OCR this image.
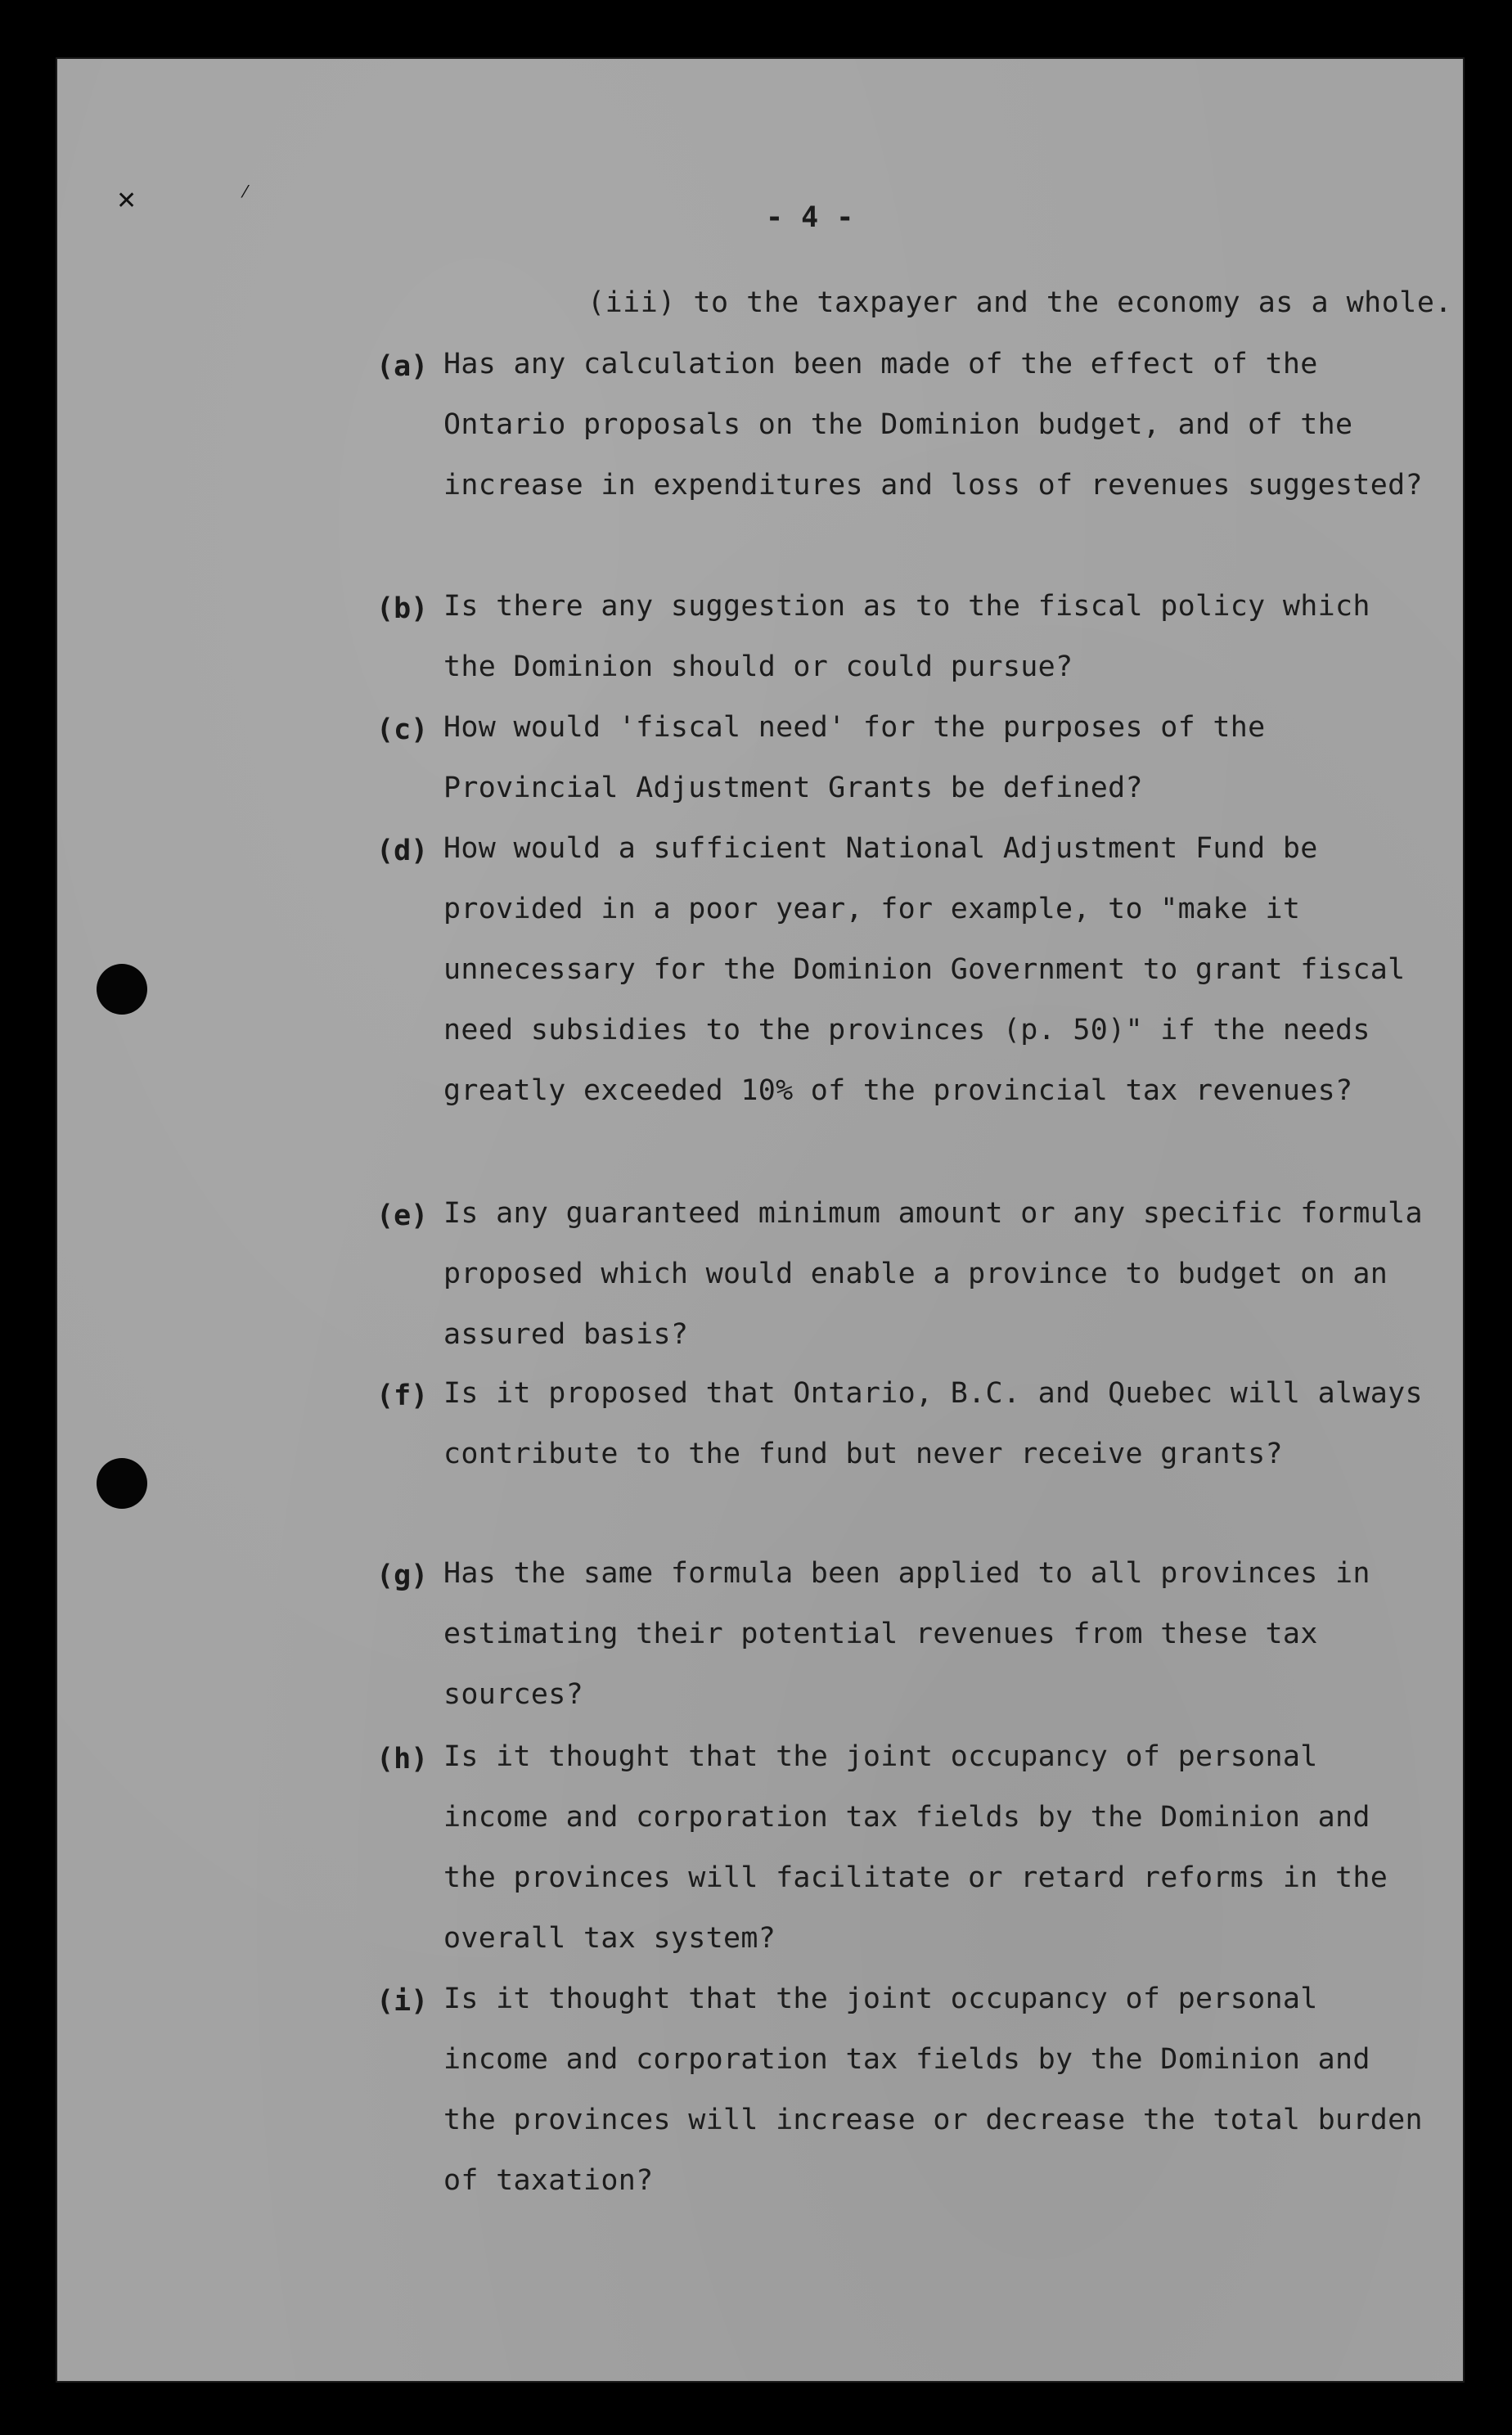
✕	⁄
- 4 -
(iii) to the taxpayer and the economy as a whole.
(a) Has any calculation been made of the effect of the Ontario proposals on the Dominion budget, and of the increase in expenditures and loss of revenues suggested?
(b) Is there any suggestion as to the fiscal policy which the Dominion should or could pursue?
(c) How would 'fiscal need' for the purposes of the Provincial Adjustment Grants be defined?
(d) How would a sufficient National Adjustment Fund be provided in a poor year, for example, to "make it unnecessary for the Dominion Government to grant fiscal need subsidies to the provinces (p. 50)" if the needs greatly exceeded 10% of the provincial tax revenues?
(e) Is any guaranteed minimum amount or any specific formula proposed which would enable a province to budget on an assured basis?
(f) Is it proposed that Ontario, B.C. and Quebec will always contribute to the fund but never receive grants?
(g) Has the same formula been applied to all provinces in estimating their potential revenues from these tax sources?
(h) Is it thought that the joint occupancy of personal income and corporation tax fields by the Dominion and the provinces will facilitate or retard reforms in the overall tax system?
(i) Is it thought that the joint occupancy of personal income and corporation tax fields by the Dominion and the provinces will increase or decrease the total burden of taxation?
